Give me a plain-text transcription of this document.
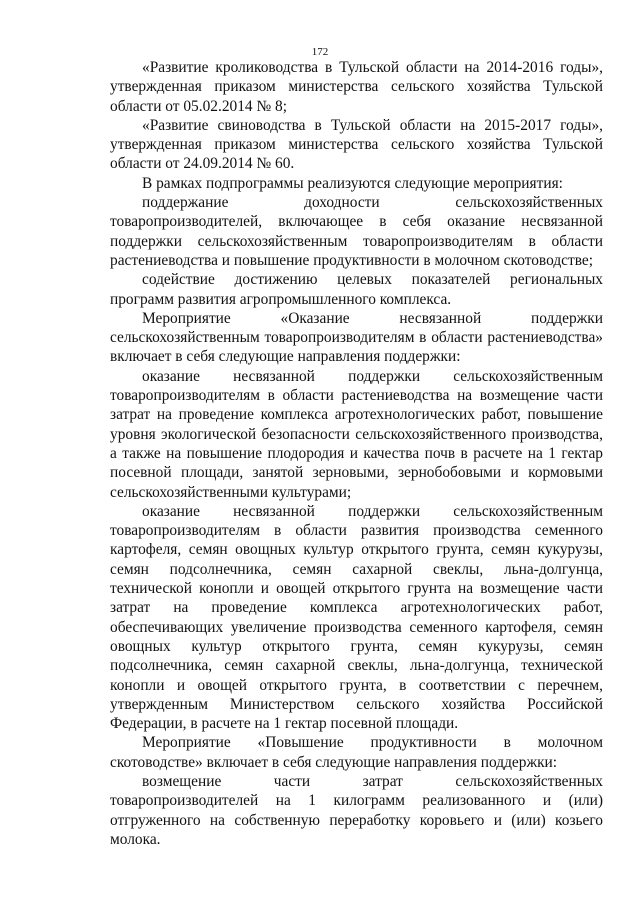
172

«Развитие кролиководства в Тульской области на 2014-2016 годы», утвержденная приказом министерства сельского хозяйства Тульской области от 05.02.2014 № 8;

«Развитие свиноводства в Тульской области на 2015-2017 годы», утвержденная приказом министерства сельского хозяйства Тульской области от 24.09.2014 № 60.

В рамках подпрограммы реализуются следующие мероприятия:

поддержание доходности сельскохозяйственных товаропроизводителей, включающее в себя оказание несвязанной поддержки сельскохозяйственным товаропроизводителям в области растениеводства и повышение продуктивности в молочном скотоводстве;

содействие достижению целевых показателей региональных программ развития агропромышленного комплекса.

Мероприятие «Оказание несвязанной поддержки сельскохозяйственным товаропроизводителям в области растениеводства» включает в себя следующие направления поддержки:

оказание несвязанной поддержки сельскохозяйственным товаропроизводителям в области растениеводства на возмещение части затрат на проведение комплекса агротехнологических работ, повышение уровня экологической безопасности сельскохозяйственного производства, а также на повышение плодородия и качества почв в расчете на 1 гектар посевной площади, занятой зерновыми, зернобобовыми и кормовыми сельскохозяйственными культурами;

оказание несвязанной поддержки сельскохозяйственным товаропроизводителям в области развития производства семенного картофеля, семян овощных культур открытого грунта, семян кукурузы, семян подсолнечника, семян сахарной свеклы, льна-долгунца, технической конопли и овощей открытого грунта на возмещение части затрат на проведение комплекса агротехнологических работ, обеспечивающих увеличение производства семенного картофеля, семян овощных культур открытого грунта, семян кукурузы, семян подсолнечника, семян сахарной свеклы, льна-долгунца, технической конопли и овощей открытого грунта, в соответствии с перечнем, утвержденным Министерством сельского хозяйства Российской Федерации, в расчете на 1 гектар посевной площади.

Мероприятие «Повышение продуктивности в молочном скотоводстве» включает в себя следующие направления поддержки:

возмещение части затрат сельскохозяйственных товаропроизводителей на 1 килограмм реализованного и (или) отгруженного на собственную переработку коровьего и (или) козьего молока.
